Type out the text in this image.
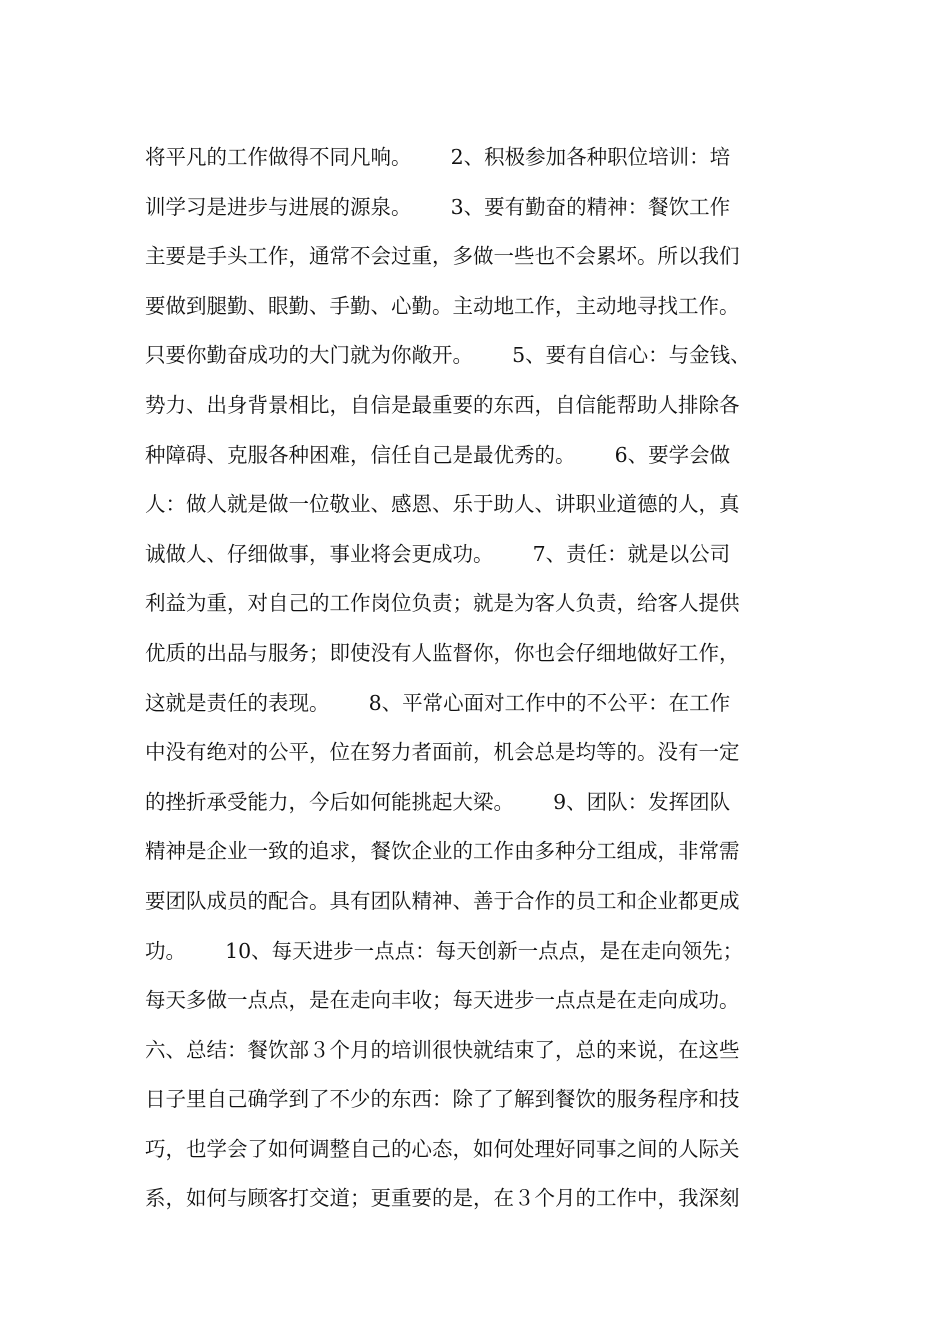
将平凡的工作做得不同凡响。      2、积极参加各种职位培训：培
训学习是进步与进展的源泉。      3、要有勤奋的精神：餐饮工作
主要是手头工作，通常不会过重，多做一些也不会累坏。所以我们
要做到腿勤、眼勤、手勤、心勤。主动地工作，主动地寻找工作。
只要你勤奋成功的大门就为你敞开。      5、要有自信心：与金钱、
势力、出身背景相比，自信是最重要的东西，自信能帮助人排除各
种障碍、克服各种困难，信任自己是最优秀的。      6、要学会做
人：做人就是做一位敬业、感恩、乐于助人、讲职业道德的人，真
诚做人、仔细做事，事业将会更成功。      7、责任：就是以公司
利益为重，对自己的工作岗位负责；就是为客人负责，给客人提供
优质的出品与服务；即使没有人监督你，你也会仔细地做好工作，
这就是责任的表现。      8、平常心面对工作中的不公平：在工作
中没有绝对的公平，位在努力者面前，机会总是均等的。没有一定
的挫折承受能力，今后如何能挑起大梁。      9、团队：发挥团队
精神是企业一致的追求，餐饮企业的工作由多种分工组成，非常需
要团队成员的配合。具有团队精神、善于合作的员工和企业都更成
功。      10、每天进步一点点：每天创新一点点，是在走向领先；
每天多做一点点，是在走向丰收；每天进步一点点是在走向成功。
六、总结：餐饮部３个月的培训很快就结束了，总的来说，在这些
日子里自己确学到了不少的东西：除了了解到餐饮的服务程序和技
巧，也学会了如何调整自己的心态，如何处理好同事之间的人际关
系，如何与顾客打交道；更重要的是，在３个月的工作中，我深刻
